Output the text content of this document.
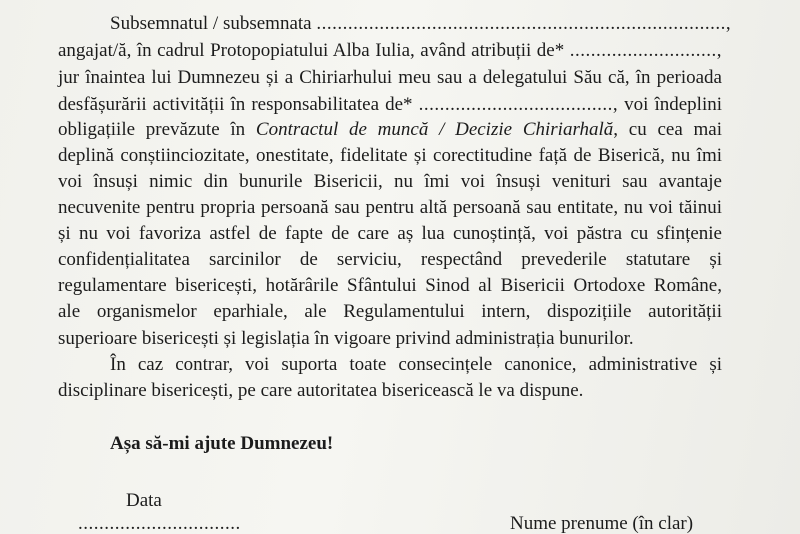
Subsemnatul / subsemnata ..............................................................................,
angajat/ă, în cadrul Protopopiatului Alba Iulia, având atribuții de* ............................,
jur înaintea lui Dumnezeu și a Chiriarhului meu sau a delegatului Său că, în perioada
desfășurării activității în responsabilitatea de* ....................................., voi îndeplini
obligațiile prevăzute în Contractul de muncă / Decizie Chiriarhală, cu cea mai
deplină conștiinciozitate, onestitate, fidelitate și corectitudine față de Biserică, nu îmi
voi însuși nimic din bunurile Bisericii, nu îmi voi însuși venituri sau avantaje
necuvenite pentru propria persoană sau pentru altă persoană sau entitate, nu voi tăinui
și nu voi favoriza astfel de fapte de care aș lua cunoștință, voi păstra cu sfințenie
confidențialitatea sarcinilor de serviciu, respectând prevederile statutare și
regulamentare bisericești, hotărârile Sfântului Sinod al Bisericii Ortodoxe Române,
ale organismelor eparhiale, ale Regulamentului intern, dispozițiile autorității
superioare bisericești și legislația în vigoare privind administrația bunurilor.
În caz contrar, voi suporta toate consecințele canonice, administrative și
disciplinare bisericești, pe care autoritatea bisericească le va dispune.
Așa să-mi ajute Dumnezeu!
Data
...............................	Nume prenume (în clar)
